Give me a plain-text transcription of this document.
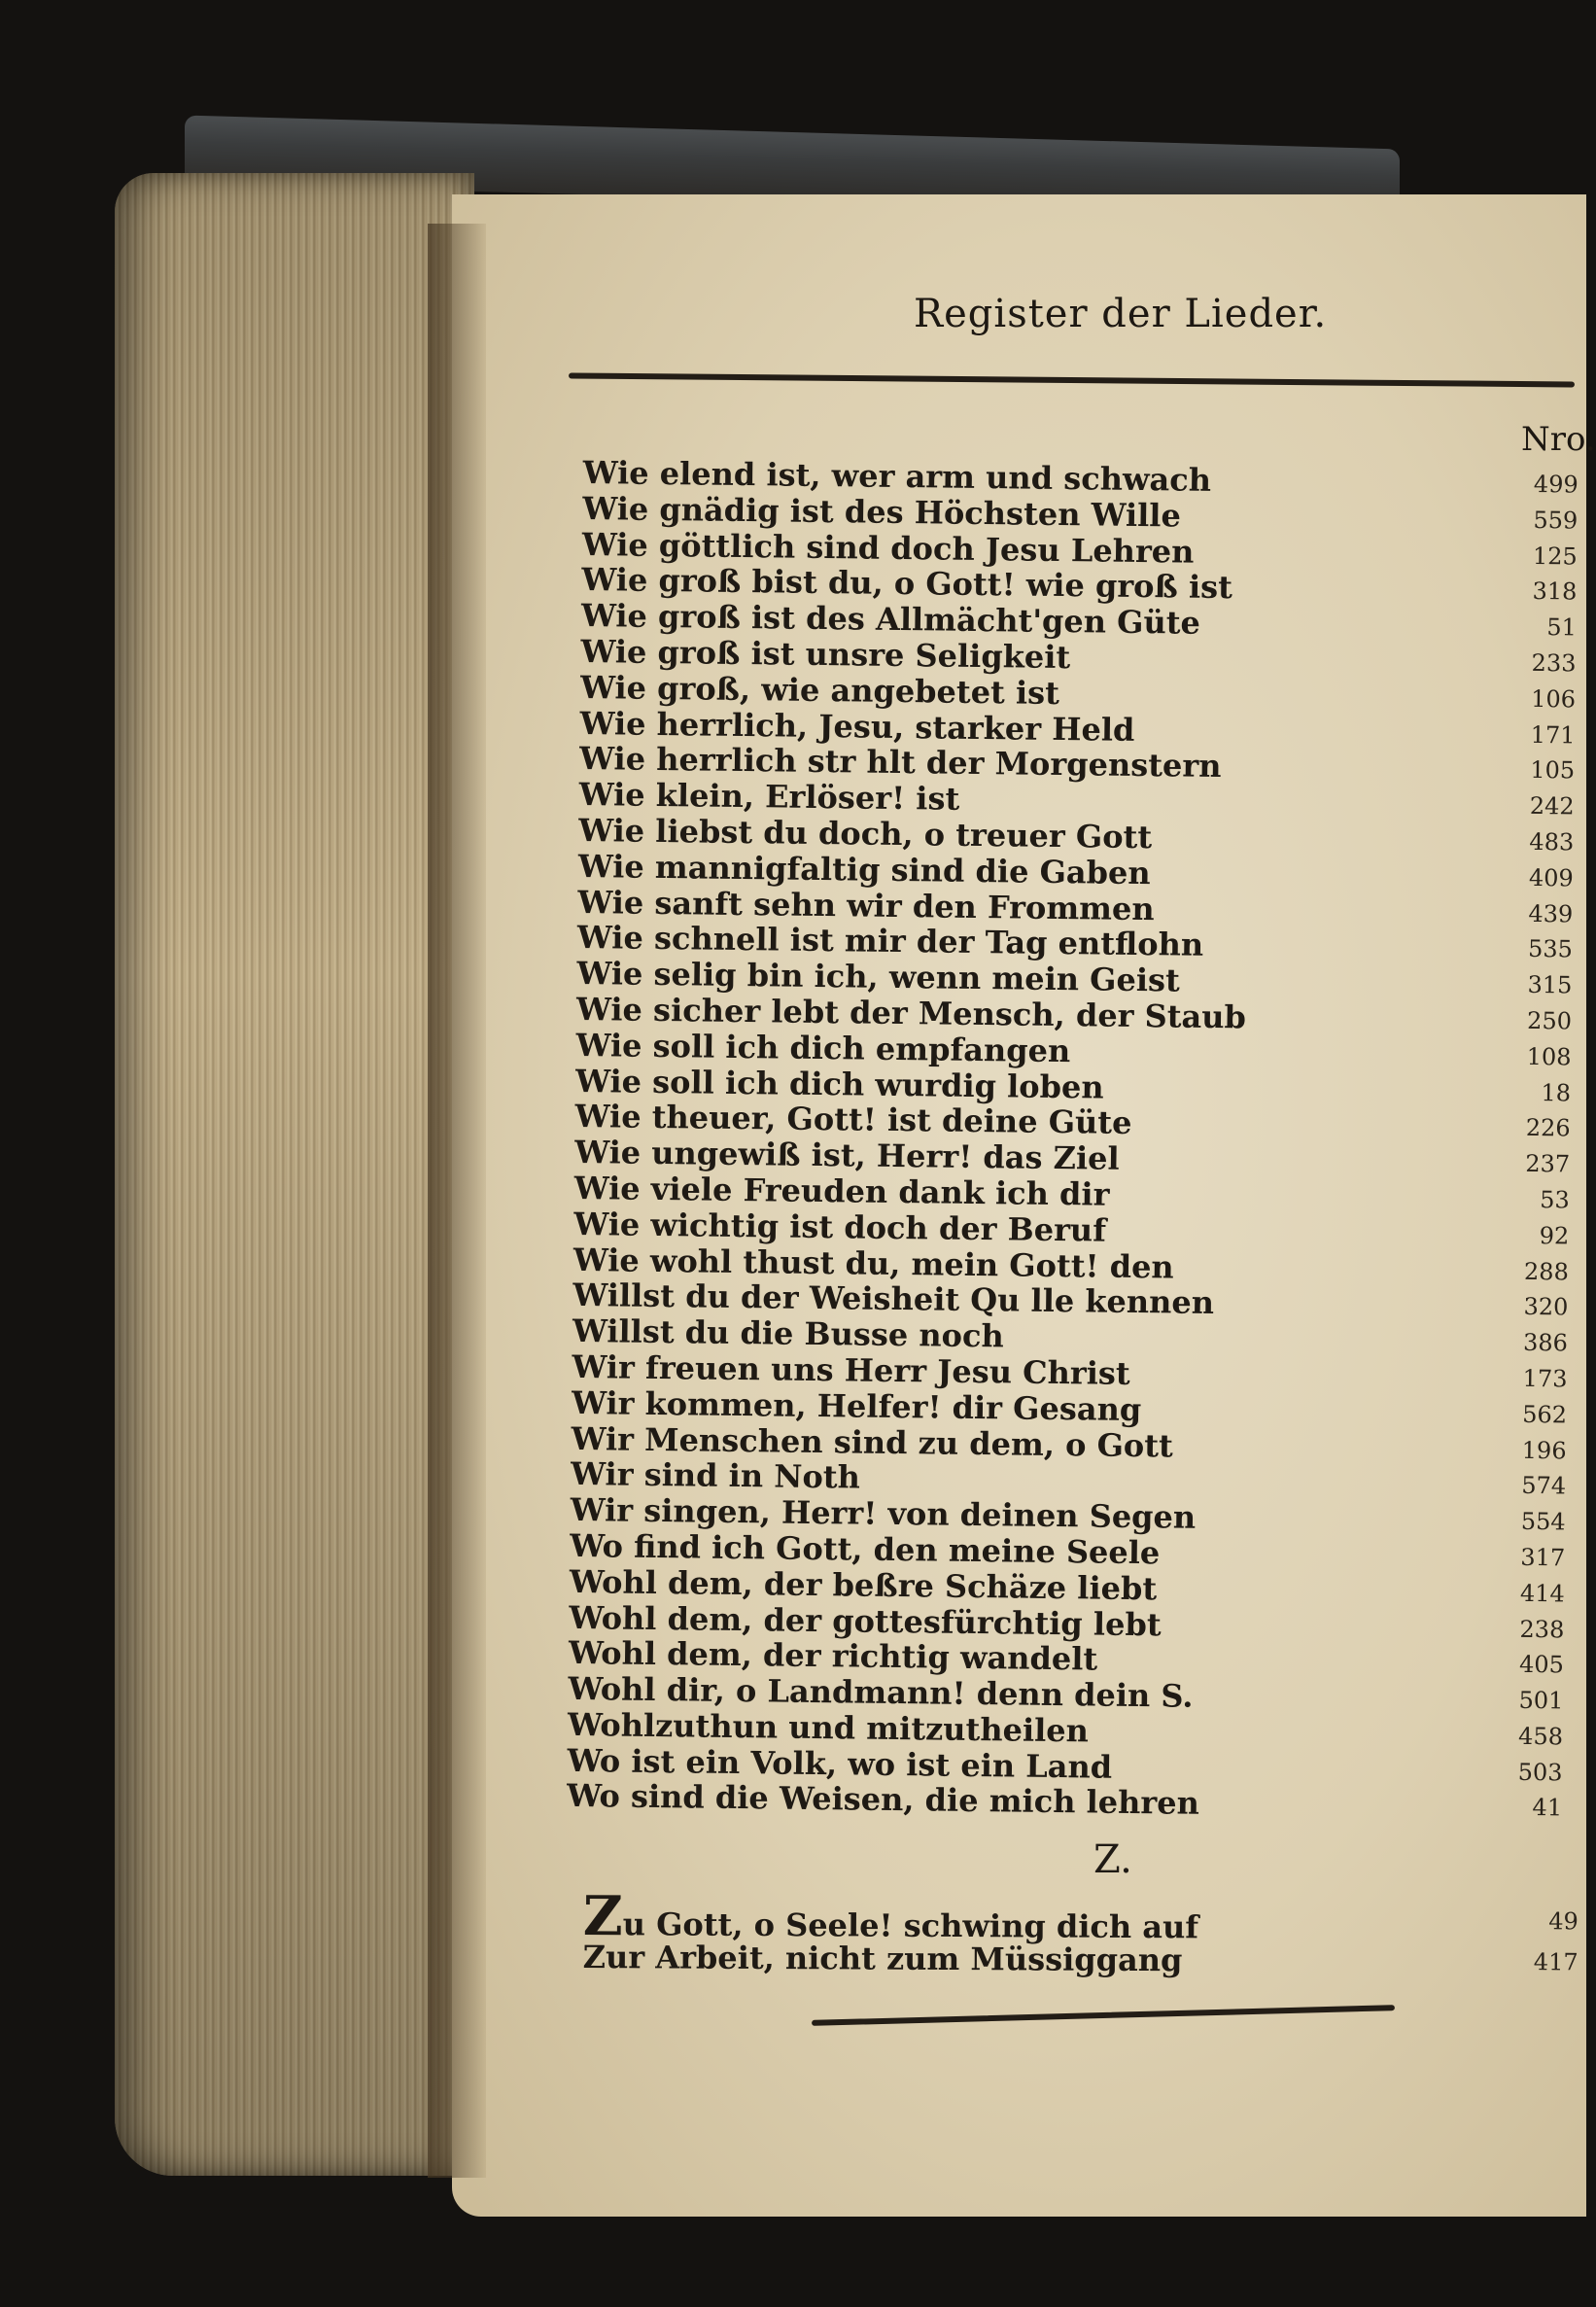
Register der Lieder.
Nro.
Wie elend ist, wer arm und schwach	499
Wie gnädig ist des Höchsten Wille	559
Wie göttlich sind doch Jesu Lehren	125
Wie groß bist du, o Gott! wie groß ist	318
Wie groß ist des Allmächt'gen Güte	51
Wie groß ist unsre Seligkeit	233
Wie groß, wie angebetet ist	106
Wie herrlich, Jesu, starker Held	171
Wie herrlich str hlt der Morgenstern	105
Wie klein, Erlöser! ist	242
Wie liebst du doch, o treuer Gott	483
Wie mannigfaltig sind die Gaben	409
Wie sanft sehn wir den Frommen	439
Wie schnell ist mir der Tag entflohn	535
Wie selig bin ich, wenn mein Geist	315
Wie sicher lebt der Mensch, der Staub	250
Wie soll ich dich empfangen	108
Wie soll ich dich wurdig loben	18
Wie theuer, Gott! ist deine Güte	226
Wie ungewiß ist, Herr! das Ziel	237
Wie viele Freuden dank ich dir	53
Wie wichtig ist doch der Beruf	92
Wie wohl thust du, mein Gott! den	288
Willst du der Weisheit Qu lle kennen	320
Willst du die Busse noch	386
Wir freuen uns Herr Jesu Christ	173
Wir kommen, Helfer! dir Gesang	562
Wir Menschen sind zu dem, o Gott	196
Wir sind in Noth	574
Wir singen, Herr! von deinen Segen	554
Wo find ich Gott, den meine Seele	317
Wohl dem, der beßre Schäze liebt	414
Wohl dem, der gottesfürchtig lebt	238
Wohl dem, der richtig wandelt	405
Wohl dir, o Landmann! denn dein S.	501
Wohlzuthun und mitzutheilen	458
Wo ist ein Volk, wo ist ein Land	503
Wo sind die Weisen, die mich lehren	41
Z.
Zu Gott, o Seele! schwing dich auf	49
Zur Arbeit, nicht zum Müssiggang	417
